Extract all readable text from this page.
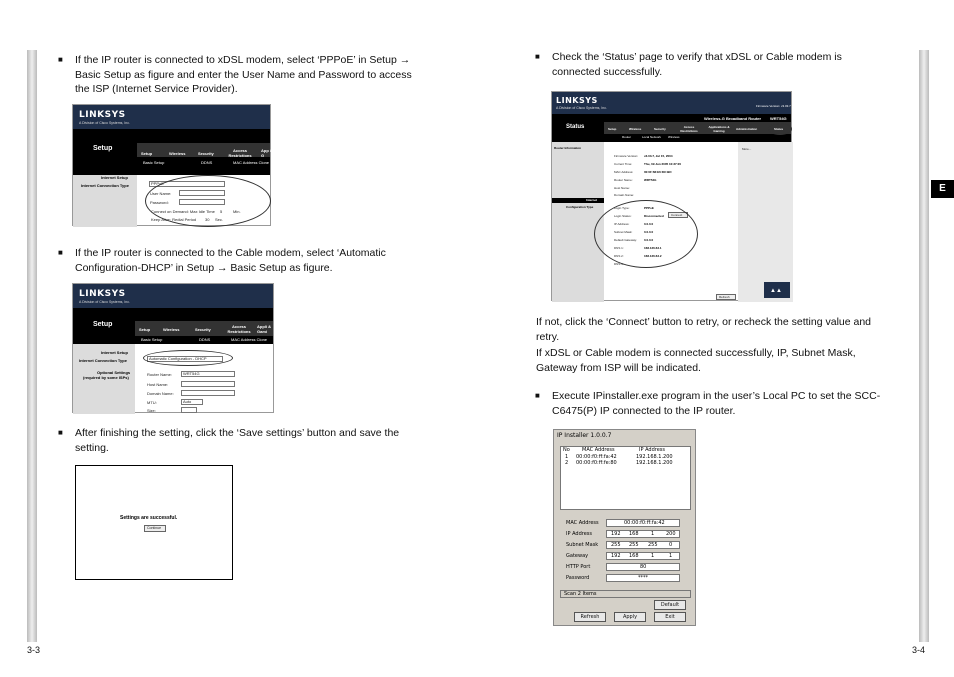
■ If the IP router is connected to xDSL modem, select ‘PPPoE’ in Setup → Basic Setup as figure and enter the User Name and Password to access the ISP (Internet Service Provider).
LINKSYS
A Division of Cisco Systems, Inc.
Setup
Setup	Wireless	Security
Access Restrictions
App & G
Basic Setup	DDNS	MAC Address Clone
Internet Setup
Internet Connection Type	PPPoE
User Name:
Password:
Connect on Demand: Max Idle Time 5	Min.
Keep Alive: Redial Period 30 Sec.
■ If the IP router is connected to the Cable modem, select ‘Automatic Configuration-DHCP’ in Setup → Basic Setup as figure.
LINKSYS
A Division of Cisco Systems, Inc.
Setup
Setup	Wireless	Security
Access Restrictions
Appli & Gami
Basic Setup	DDNS	MAC Address Clone
Internet Setup
Internet Connection Type	Automatic Configuration - DHCP
Optional Settings
(required by some ISPs)
Router Name:	WRT54G
Host Name:
Domain Name:
MTU:	Auto
Size:
■ After finishing the setting, click the ‘Save settings’ button and save the setting.
Settings are successful.
Continue
3-3
■ Check the ‘Status’ page to verify that xDSL or Cable modem is connected successfully.
LINKSYS
A Division of Cisco Systems, Inc.	Firmware Version: v3.03.7
Wireless-G Broadband Router WRT54G
Status	Setup	Wireless	Security	Access Restrictions
Applications & Gaming	Administration	Status
Router	Local Network Wireless
Router Information
Internet
Configuration Type
More...
Firmware Version: v3.03.7, Jul 15, 2004
Current Time:	Thu, 09 Jun 2005 10:37:20
MAC Address:	00:0F:66:E6:DC:BD
Router Name:	WRT54G
Host Name:
Domain Name:
Login Type:	PPPoE
Login Status:	Disconnected Connect
IP Address:	0.0.0.0
Subnet Mask:	0.0.0.0
Default Gateway: 0.0.0.0
DNS 1:	168.126.63.1
DNS 2:	168.126.63.2
DNS 3:
Refresh
▲▲
If not, click the ‘Connect’ button to retry, or recheck the setting value and retry.
If xDSL or Cable modem is connected successfully, IP, Subnet Mask, Gateway from ISP will be indicated.
■ Execute IPinstaller.exe program in the user’s Local PC to set the SCC-C6475(P) IP connected to the IP router.
IP Installer 1.0.0.7
No MAC Address	IP Address
1 00:00:f0:ff:fa:42	192.168.1.200
2 00:00:f0:ff:fe:80	192.168.1.200
MAC Address	00:00:f0:ff:fa:42
IP Address	192 168 1 200
Subnet Mask	255 255 255 0
Gateway	192 168 1	1
HTTP Port	80
Password	****
Scan 2 Items
Default
Refresh	Apply	Exit
E
3-4
